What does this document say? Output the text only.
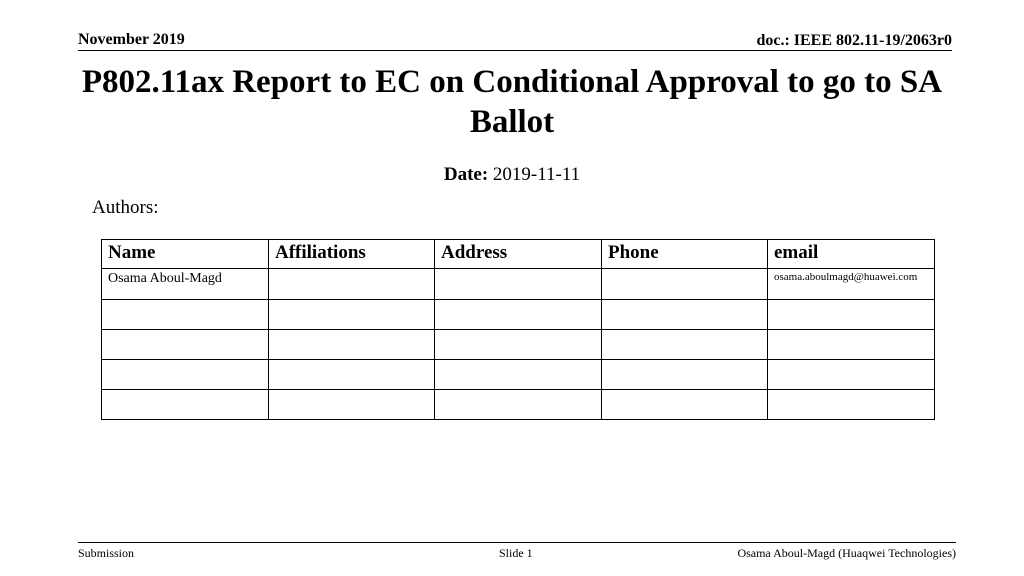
November 2019	doc.: IEEE 802.11-19/2063r0
P802.11ax Report to EC on Conditional Approval to go to SA Ballot
Date: 2019-11-11
Authors:
Name	Affiliations	Address	Phone	email
Osama Aboul-Magd				osama.aboulmagd@huawei.com

Submission	Slide 1	Osama Aboul-Magd (Huaqwei Technologies)
